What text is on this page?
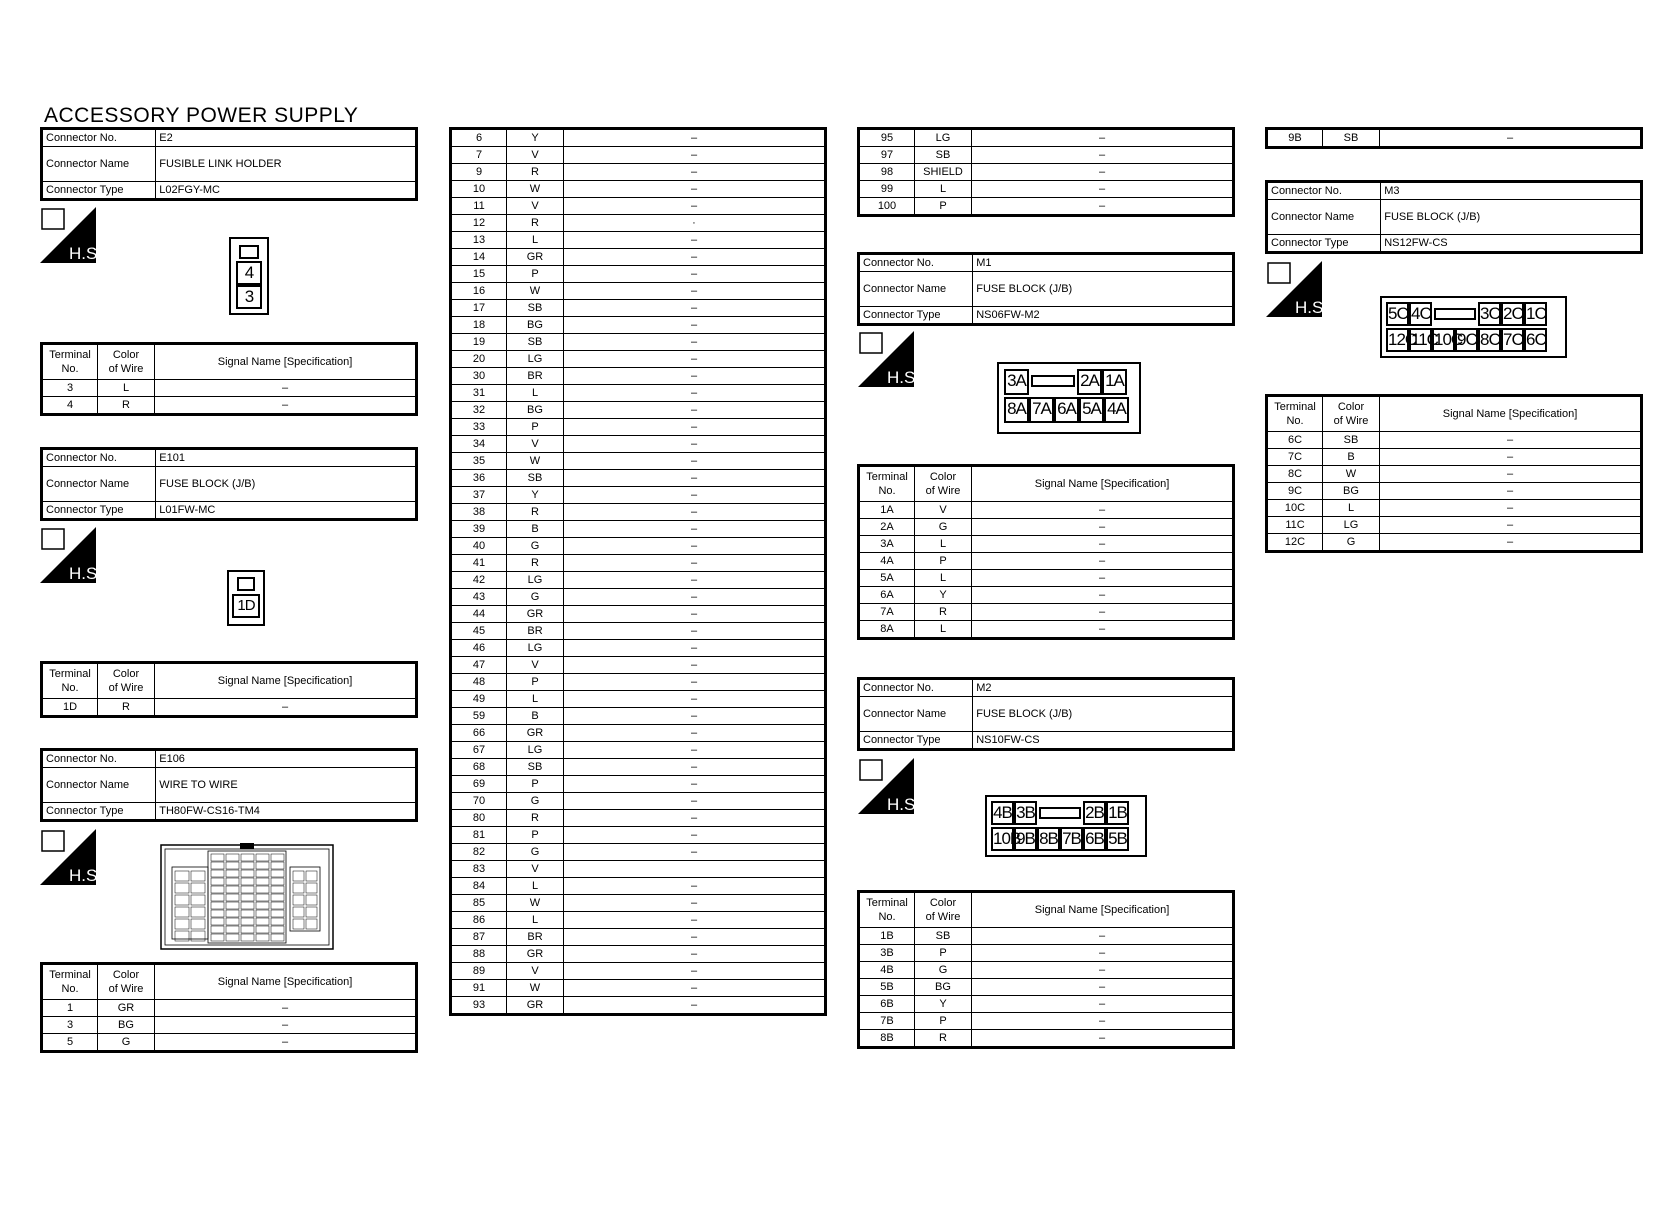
ACCESSORY POWER SUPPLY
Connector No.	E2
Connector Name	FUSIBLE LINK HOLDER
Connector Type	L02FGY-MC
H.S.
4
3
Terminal
No.	Color
of Wire	Signal Name [Specification]
3	L	–
4	R	–
Connector No.	E101
Connector Name	FUSE BLOCK (J/B)
Connector Type	L01FW-MC
H.S.
1D
Terminal
No.	Color
of Wire	Signal Name [Specification]
1D	R	–
Connector No.	E106
Connector Name	WIRE TO WIRE
Connector Type	TH80FW-CS16-TM4
H.S.
Terminal
No.	Color
of Wire	Signal Name [Specification]
1	GR	–
3	BG	–
5	G	–
6	Y	–
7	V	–
9	R	–
10	W	–
11	V	–
12	R	·
13	L	–
14	GR	–
15	P	–
16	W	–
17	SB	–
18	BG	–
19	SB	–
20	LG	–
30	BR	–
31	L	–
32	BG	–
33	P	–
34	V	–
35	W	–
36	SB	–
37	Y	–
38	R	–
39	B	–
40	G	–
41	R	–
42	LG	–
43	G	–
44	GR	–
45	BR	–
46	LG	–
47	V	–
48	P	–
49	L	–
59	B	–
66	GR	–
67	LG	–
68	SB	–
69	P	–
70	G	–
80	R	–
81	P	–
82	G	–
83	V	
84	L	–
85	W	–
86	L	–
87	BR	–
88	GR	–
89	V	–
91	W	–
93	GR	–
95	LG	–
97	SB	–
98	SHIELD	–
99	L	–
100	P	–
Connector No.	M1
Connector Name	FUSE BLOCK (J/B)
Connector Type	NS06FW-M2
H.S.	3A	2A 1A
8A 7A 6A 5A 4A
Terminal
No.	Color
of Wire	Signal Name [Specification]
1A	V	–
2A	G	–
3A	L	–
4A	P	–
5A	L	–
6A	Y	–
7A	R	–
8A	L	–
Connector No.	M2
Connector Name	FUSE BLOCK (J/B)
Connector Type	NS10FW-CS
H.S.	4B 3B	2B 1B
10B
9B 8B 7B 6B 5B
Terminal
No.	Color
of Wire	Signal Name [Specification]
1B	SB	–
3B	P	–
4B	G	–
5B	BG	–
6B	Y	–
7B	P	–
8B	R	–
9B	SB	–
Connector No.	M3
Connector Name	FUSE BLOCK (J/B)
Connector Type	NS12FW-CS
H.S.	5C 4C	3C 2C 1C
12C
11C
10C
9C 8C 7C 6C
Terminal
No.	Color
of Wire	Signal Name [Specification]
6C	SB	–
7C	B	–
8C	W	–
9C	BG	–
10C	L	–
11C	LG	–
12C	G	–
